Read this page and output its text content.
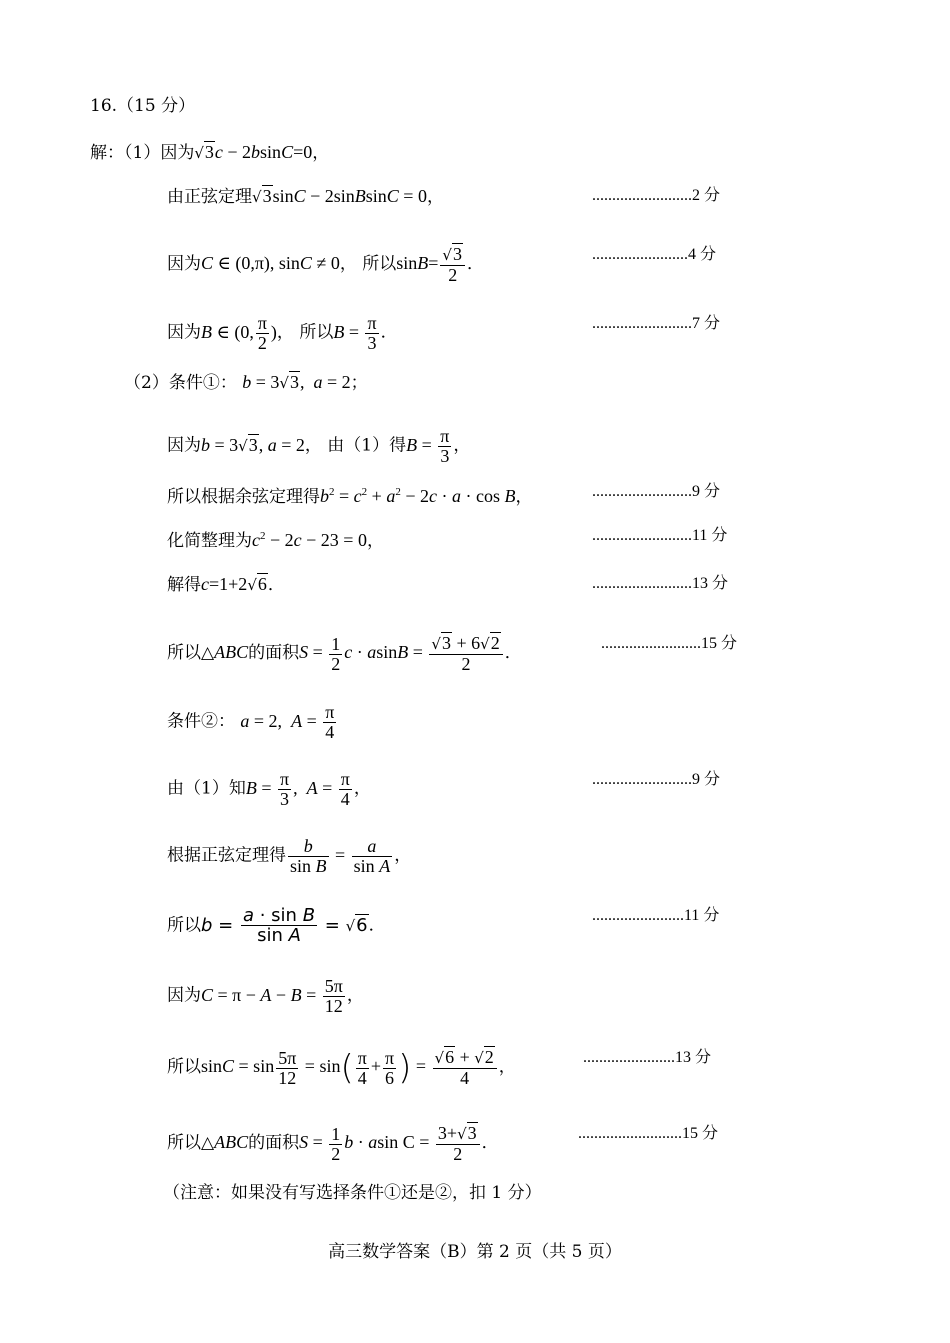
16.（15 分）
解：（1）因为√3c − 2bsinC=0，
由正弦定理√3sinC − 2sinBsinC = 0，	.........................2 分
因为C ∈ (0,π), sinC ≠ 0， 所以$\sin B= \frac{√3}{2}$ ．	........................4 分
因为B ∈ (0, $\frac{\pi}{2}$ )， 所以$B = \frac{\pi}{3}$ ．	.........................7 分
（2）条件①： b = 3√3,  a = 2；
因为b = 3√3, a = 2， 由（1）得$B = \frac{\pi}{3}$ ，
所以根据余弦定理得$b^2 = c^2 + a^2 - 2c \cdot a \cdot \cos B$，	.........................9 分
化简整理为$c^2 - 2c - 23 = 0$，	.........................11 分
解得c=1+2√6．	.........................13 分
所以△ABC的面积$S = \frac{1}{2}$ $c \cdot asinB = \frac{√3 + 6√2}{2}$ ．	.........................15 分
条件②： a = 2,  $A = \frac{\pi}{4}$
由（1）知$B = \frac{\pi}{3}$ ,  $A = \frac{\pi}{4}$ ，	.........................9 分
根据正弦定理得 $\frac{b}{\text{sin B}} = \frac{a}{\text{sin A}}$ ，
所以$b = \frac{\text{a · sin B}}{\text{sin A}} = √6$．	.......................11 分
因为$C = \pi - A - B = \frac{5\pi}{12}$ ，
所以$\sin C = \sin \frac{5\pi}{12} = \sin( \frac{\pi}{4} + \frac{\pi}{6}$ ) = $\frac{√6 + √2}{4}$ ，	.......................13 分
所以△ABC的面积$S = \frac{1}{2}$ b · asin $C = \frac{3+√3}{2}$ ．	..........................15 分
（注意：如果没有写选择条件①还是②，扣 1 分）
高三数学答案（B）第 2 页（共 5 页）
